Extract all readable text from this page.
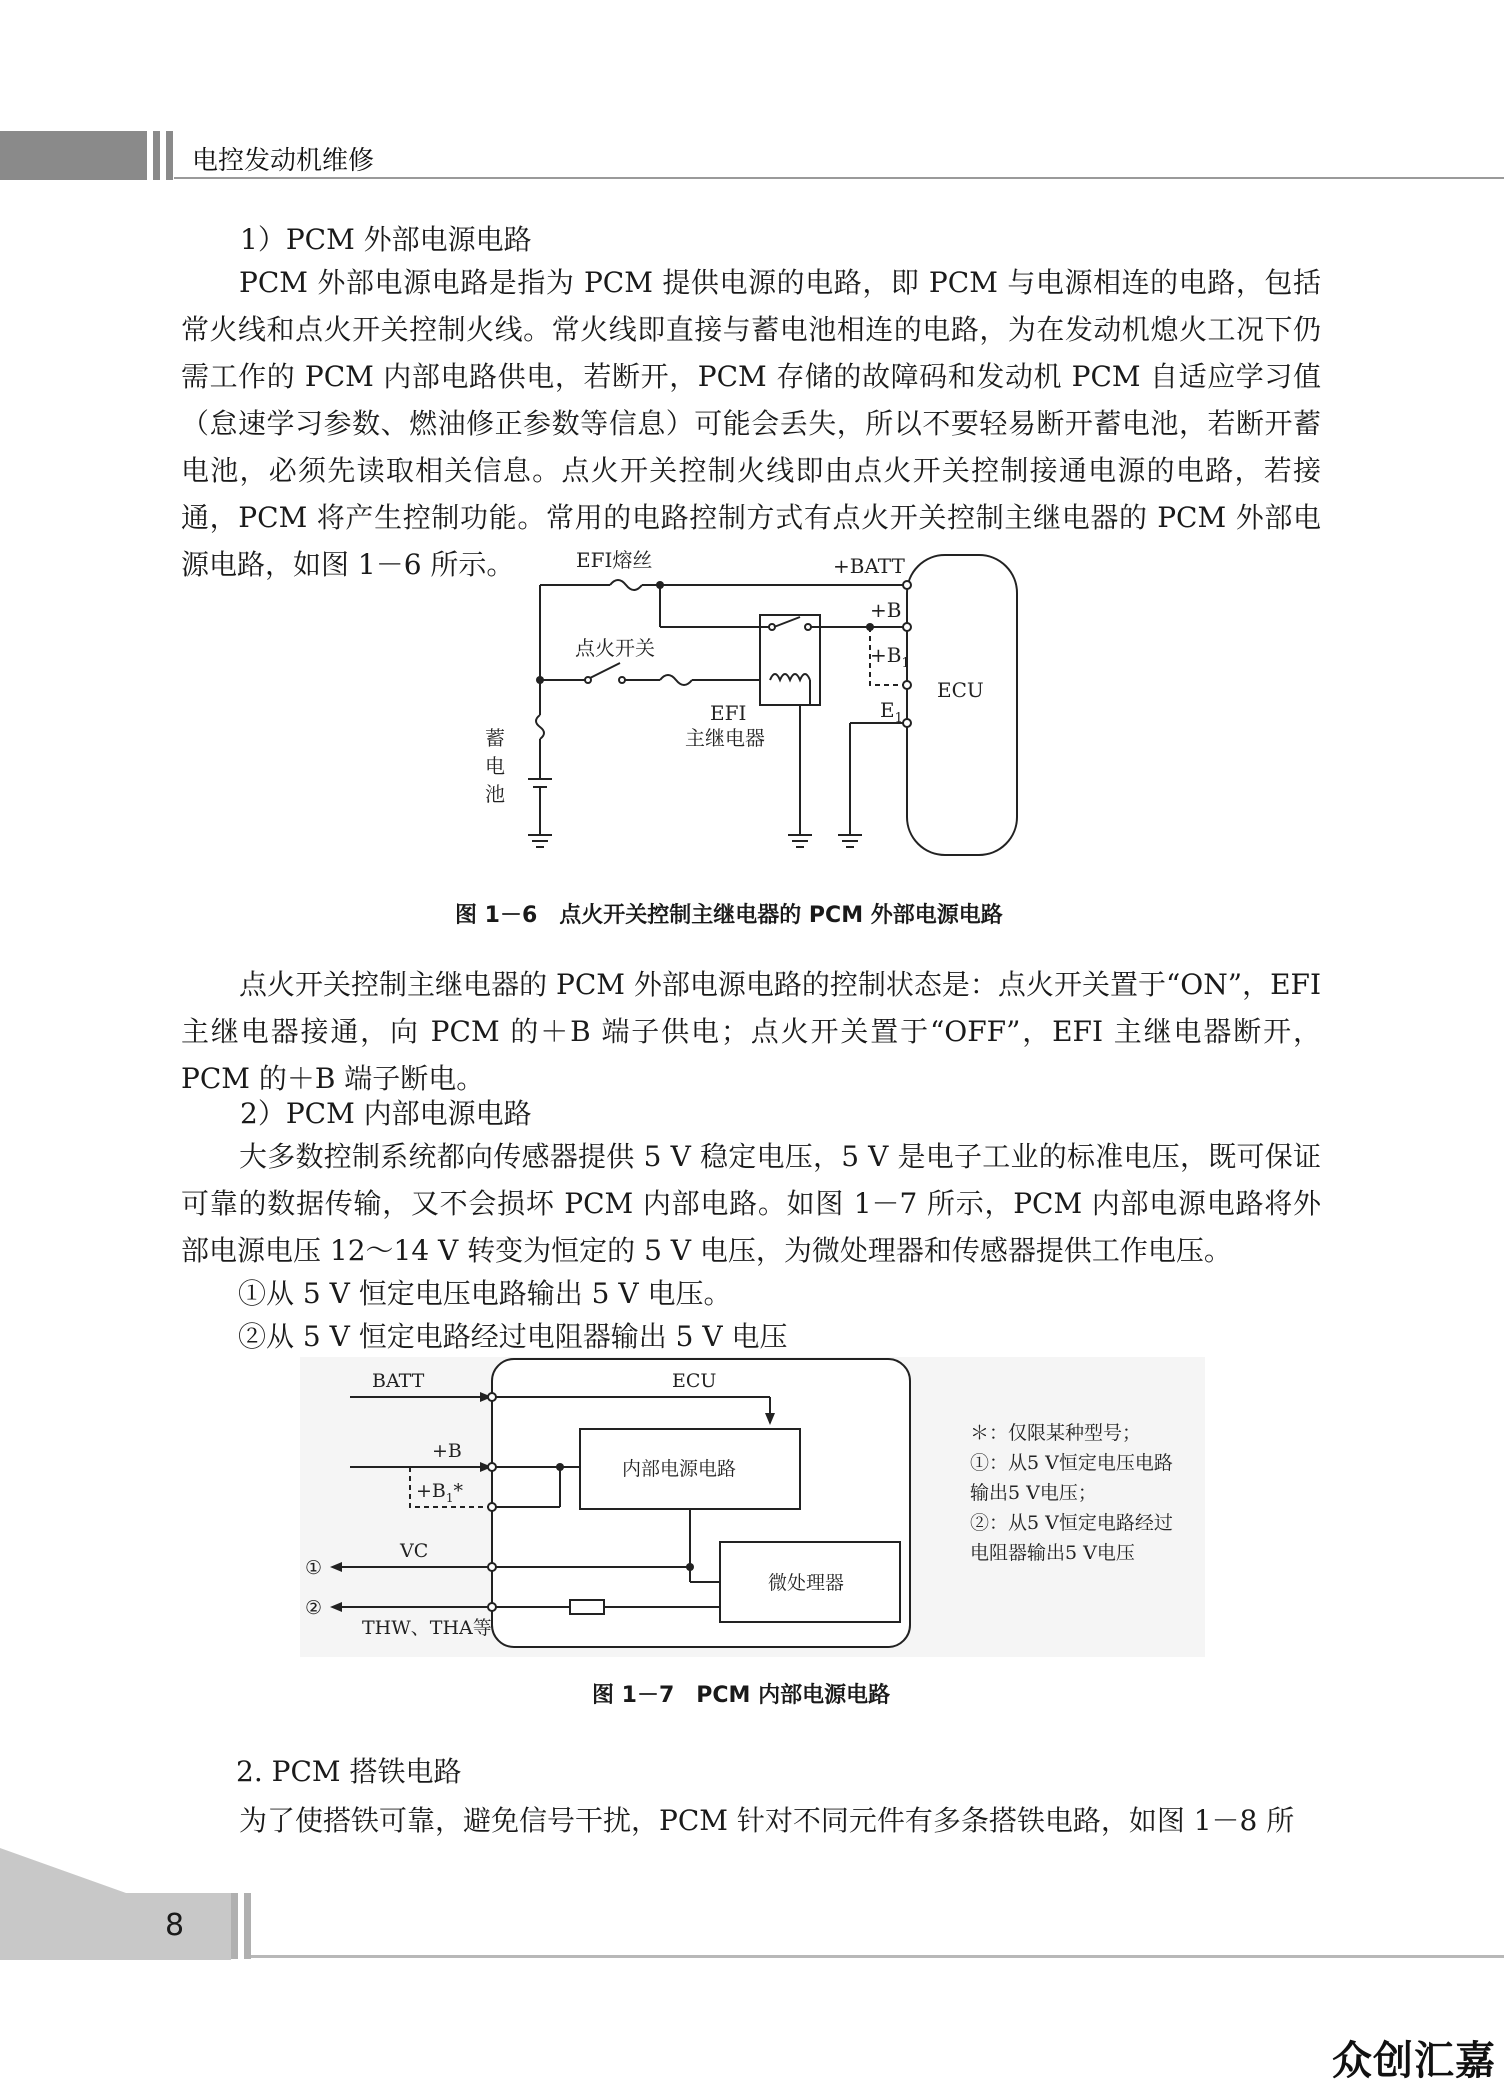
电控发动机维修
1）PCM 外部电源电路
PCM 外部电源电路是指为 PCM 提供电源的电路，即 PCM 与电源相连的电路，包括常火线和点火开关控制火线。常火线即直接与蓄电池相连的电路，为在发动机熄火工况下仍需工作的 PCM 内部电路供电，若断开，PCM 存储的故障码和发动机 PCM 自适应学习值（怠速学习参数、燃油修正参数等信息）可能会丢失，所以不要轻易断开蓄电池，若断开蓄电池，必须先读取相关信息。点火开关控制火线即由点火开关控制接通电源的电路，若接通，PCM 将产生控制功能。常用的电路控制方式有点火开关控制主继电器的 PCM 外部电源电路，如图 1－6 所示。	EFI熔丝	+BATT
+B
$+B_1$
ECU
点火开关
EFI
主继电器
$E_1$
蓄
电
池
图 1－6　点火开关控制主继电器的 PCM 外部电源电路
点火开关控制主继电器的 PCM 外部电源电路的控制状态是：点火开关置于“ON”，EFI 主继电器接通，向 PCM 的＋B 端子供电；点火开关置于“OFF”，EFI 主继电器断开，PCM 的＋B 端子断电。
2）PCM 内部电源电路
大多数控制系统都向传感器提供 5 V 稳定电压，5 V 是电子工业的标准电压，既可保证可靠的数据传输，又不会损坏 PCM 内部电路。如图 1－7 所示，PCM 内部电源电路将外部电源电压 12～14 V 转变为恒定的 5 V 电压，为微处理器和传感器提供工作电压。
①从 5 V 恒定电压电路输出 5 V 电压。
②从 5 V 恒定电路经过电阻器输出 5 V 电压
BATT	ECU
+B
$+B_1*$
内部电源电路
微处理器
VC
THW、THA等
①
②
＊：仅限某种型号；
①：从5 V恒定电压电路
输出5 V电压；
②：从5 V恒定电路经过
电阻器输出5 V电压
图 1－7　PCM 内部电源电路
2. PCM 搭铁电路
为了使搭铁可靠，避免信号干扰，PCM 针对不同元件有多条搭铁电路，如图 1－8 所
8
众创汇嘉
